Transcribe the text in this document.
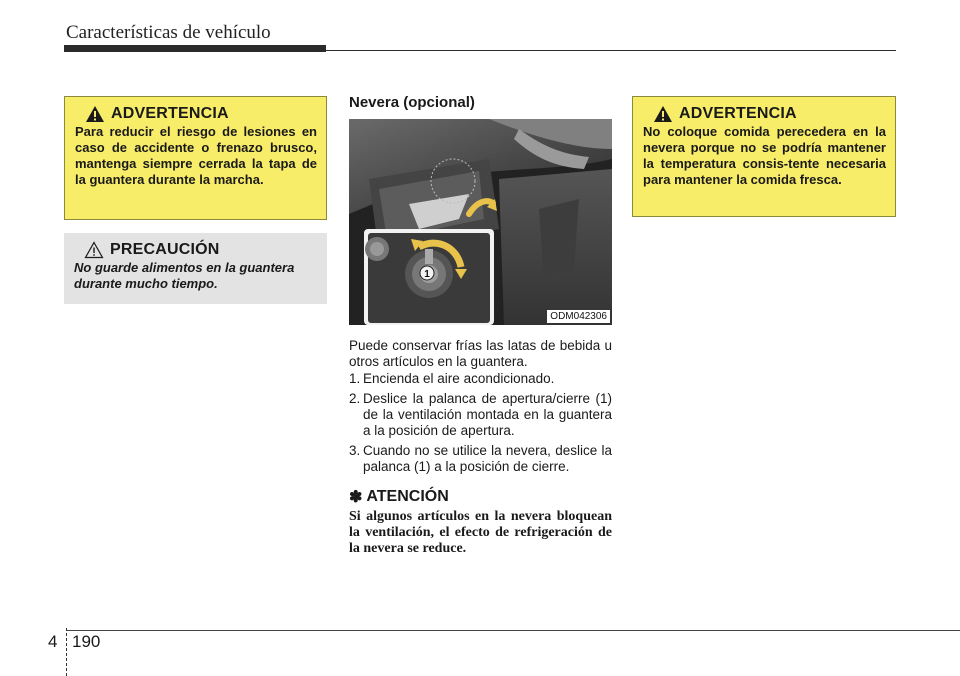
Características de vehículo
ADVERTENCIA
Para reducir el riesgo de lesiones en caso de accidente o frenazo brusco, mantenga siempre cerrada la tapa de la guantera durante la marcha.
PRECAUCIÓN
No guarde alimentos en la guantera durante mucho tiempo.
Nevera (opcional)
1
ODM042306
Puede conservar frías las latas de bebida u otros artículos en la guantera.
1. Encienda el aire acondicionado.
2. Deslice la palanca de apertura/cierre (1) de la ventilación montada en la guantera a la posición de apertura.
3. Cuando no se utilice la nevera, deslice la palanca (1) a la posición de cierre.
✽ ATENCIÓN
Si algunos artículos en la nevera bloquean la ventilación, el efecto de refrigeración de la nevera se reduce.
ADVERTENCIA
No coloque comida perecedera en la nevera porque no se podría mantener la temperatura consis-tente necesaria para mantener la comida fresca.
4 190
